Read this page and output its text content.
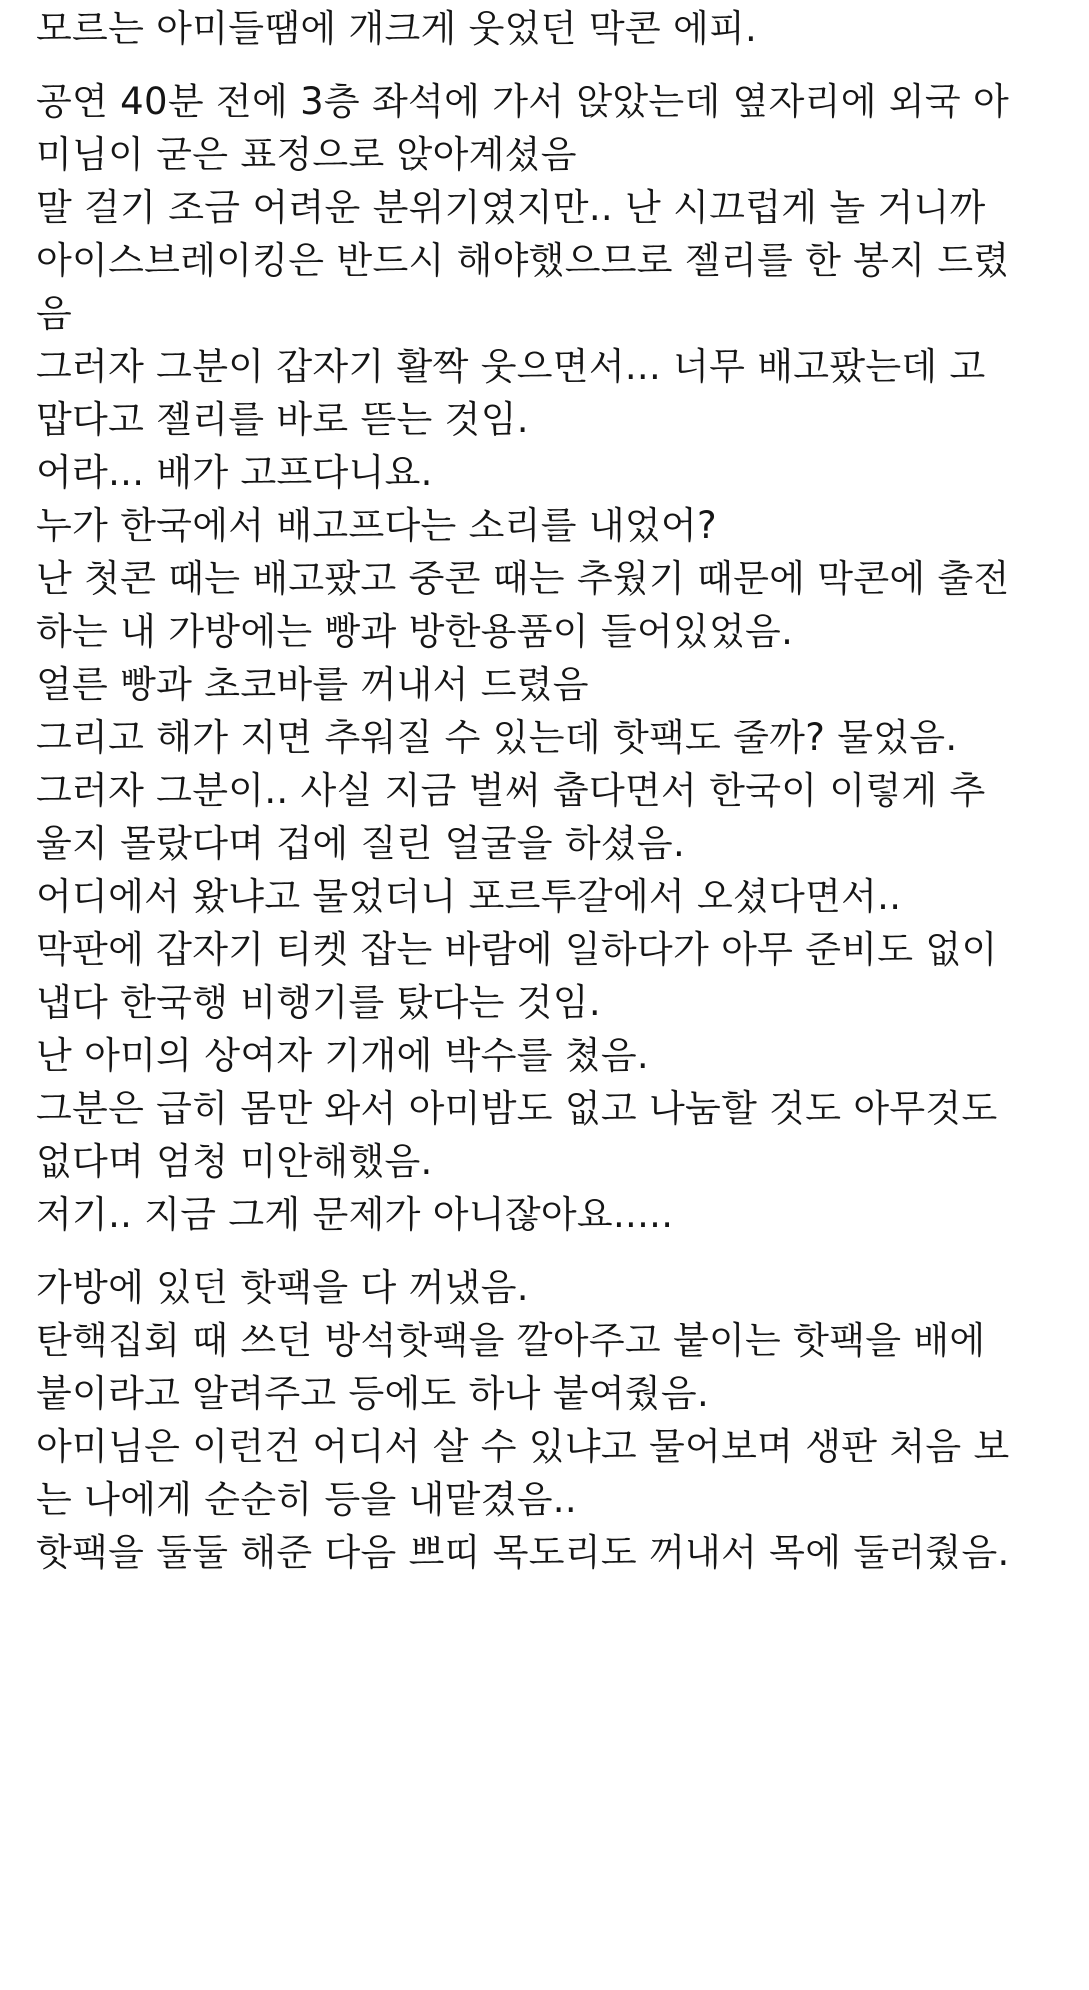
모르는 아미들땜에 개크게 웃었던 막콘 에피.
공연 40분 전에 3층 좌석에 가서 앉았는데 옆자리에 외국 아
미님이 굳은 표정으로 앉아계셨음
말 걸기 조금 어려운 분위기였지만.. 난 시끄럽게 놀 거니까
아이스브레이킹은 반드시 해야했으므로 젤리를 한 봉지 드렸
음
그러자 그분이 갑자기 활짝 웃으면서... 너무 배고팠는데 고
맙다고 젤리를 바로 뜯는 것임.
어라... 배가 고프다니요.
누가 한국에서 배고프다는 소리를 내었어?
난 첫콘 때는 배고팠고 중콘 때는 추웠기 때문에 막콘에 출전
하는 내 가방에는 빵과 방한용품이 들어있었음.
얼른 빵과 초코바를 꺼내서 드렸음
그리고 해가 지면 추워질 수 있는데 핫팩도 줄까? 물었음.
그러자 그분이.. 사실 지금 벌써 춥다면서 한국이 이렇게 추
울지 몰랐다며 겁에 질린 얼굴을 하셨음.
어디에서 왔냐고 물었더니 포르투갈에서 오셨다면서..
막판에 갑자기 티켓 잡는 바람에 일하다가 아무 준비도 없이
냅다 한국행 비행기를 탔다는 것임.
난 아미의 상여자 기개에 박수를 쳤음.
그분은 급히 몸만 와서 아미밤도 없고 나눔할 것도 아무것도
없다며 엄청 미안해했음.
저기.. 지금 그게 문제가 아니잖아요.....
가방에 있던 핫팩을 다 꺼냈음.
탄핵집회 때 쓰던 방석핫팩을 깔아주고 붙이는 핫팩을 배에
붙이라고 알려주고 등에도 하나 붙여줬음.
아미님은 이런건 어디서 살 수 있냐고 물어보며 생판 처음 보
는 나에게 순순히 등을 내맡겼음..
핫팩을 둘둘 해준 다음 쁘띠 목도리도 꺼내서 목에 둘러줬음.
